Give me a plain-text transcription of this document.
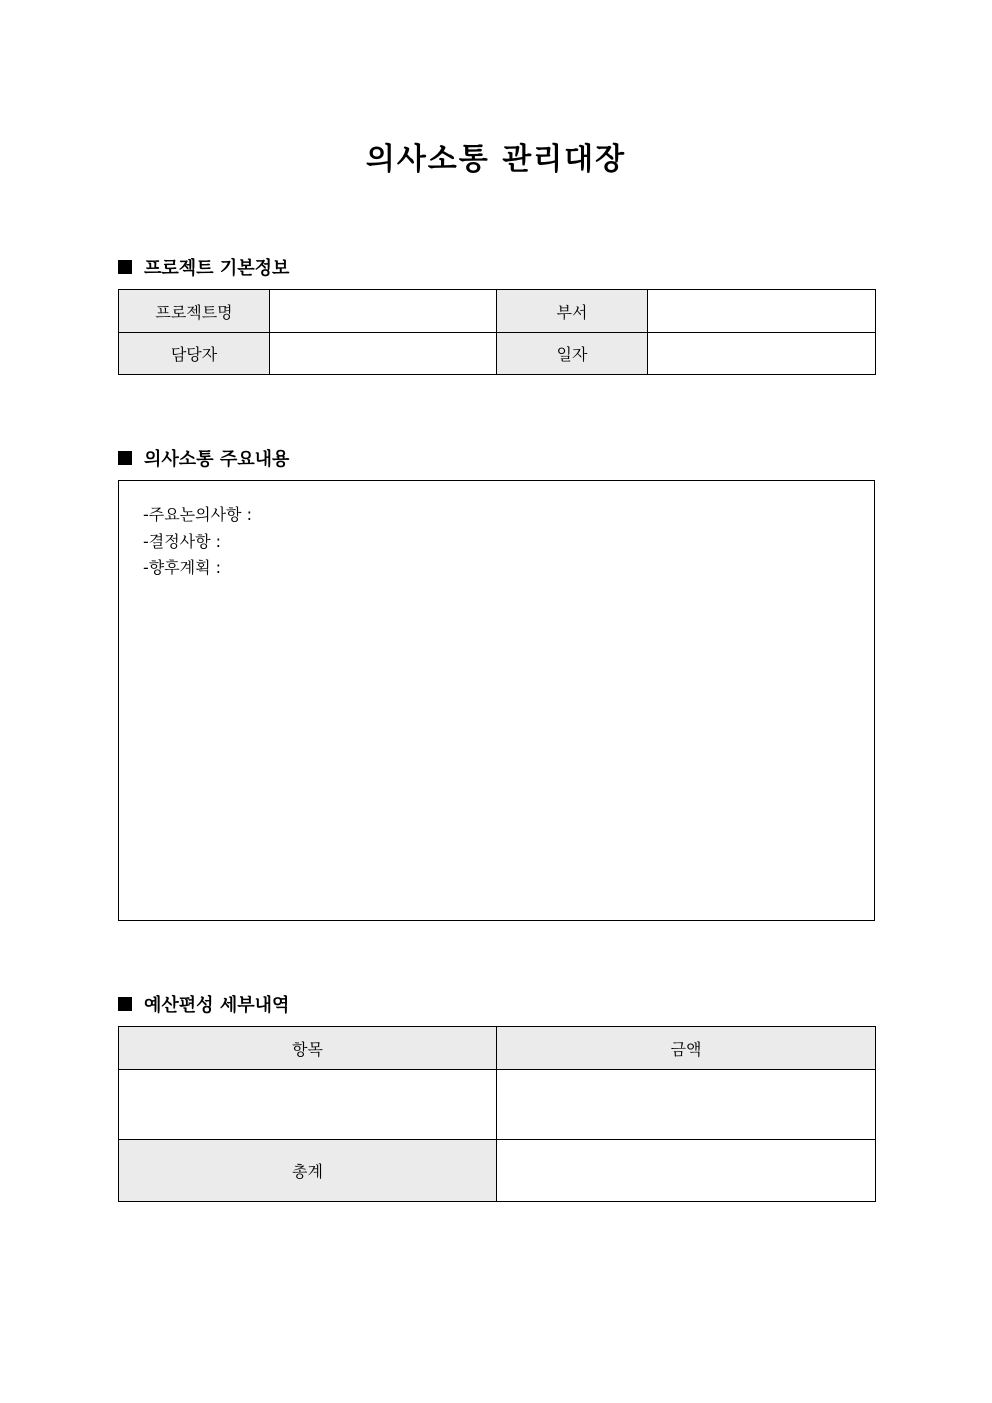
의사소통 관리대장
프로젝트 기본정보
프로젝트명		부서	
담당자		일자	
의사소통 주요내용
-주요논의사항 :
-결정사항 :
-향후계획 :
예산편성 세부내역
항목	금액

총계	
